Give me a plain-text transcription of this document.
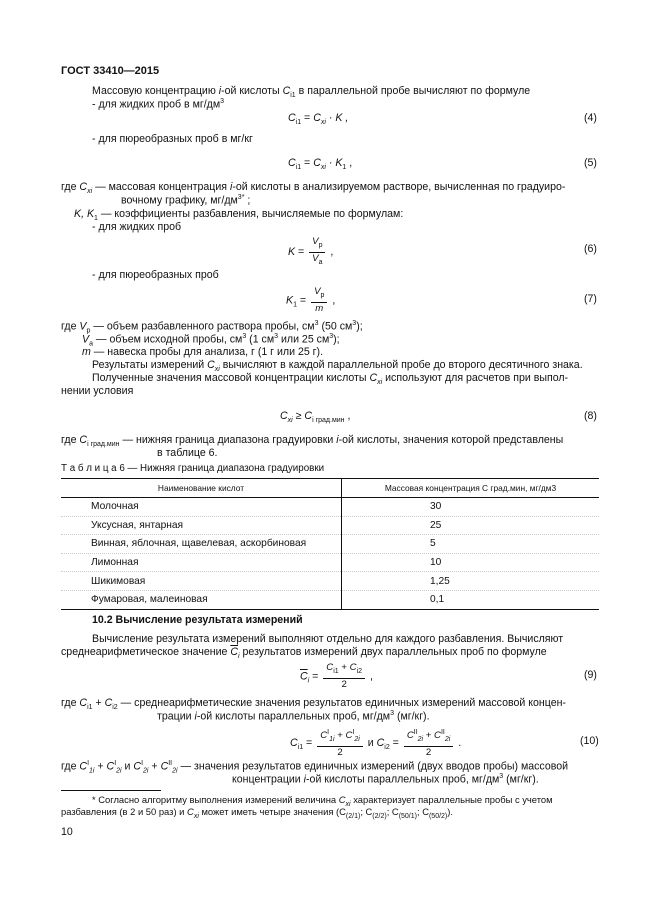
ГОСТ 33410—2015
Массовую концентрацию i-ой кислоты $C_{i1}$ в параллельной пробе вычисляют по формуле
- для жидких проб в $мг/дм^3$
$C_{i1} = C_{xi} \cdot K$ ,	(4)
- для пюреобразных проб в мг/кг
$C_{i1} = C_{xi} \cdot K_1$ ,	(5)
где $C_{xi}$ — массовая концентрация i-ой кислоты в анализируемом растворе, вычисленная по градуиро-
вочному графику, $мг/дм^{3*}$ ;
K, $K_1$ — коэффициенты разбавления, вычисляемые по формулам:
- для жидких проб
$K = \frac{V_р}{V_а}$ ,	(6)
- для пюреобразных проб
$K_1 = \frac{V_р}{m}$ ,	(7)
где $V_р$ — объем разбавленного раствора пробы, $см^3$ (50 $см^3$);
$V_а$ — объем исходной пробы, $см^3$ (1 $см^3$ или 25 $см^3$);
m — навеска пробы для анализа, г (1 г или 25 г).
Результаты измерений $C_{xi}$ вычисляют в каждой параллельной пробе до второго десятичного знака.
Полученные значения массовой концентрации кислоты $C_{xi}$ используют для расчетов при выпол-
нении условия
$C_{xi} \ge C_{i град.мин}$ ,	(8)
где $C_{i град.мин}$ — нижняя граница диапазона градуировки i-ой кислоты, значения которой представлены
в таблице 6.
Т а б л и ц а 6 — Нижняя граница диапазона градуировки
Наименование кислот	Массовая концентрация C град.мин, мг/дм3
Молочная	30
Уксусная, янтарная	25
Винная, яблочная, щавелевая, аскорбиновая	5
Лимонная	10
Шикимовая	1,25
Фумаровая, малеиновая	0,1
10.2 Вычисление результата измерений
Вычисление результата измерений выполняют отдельно для каждого разбавления. Вычисляют
среднеарифметическое значение $\overline{C}_i$ результатов измерений двух параллельных проб по формуле
$\overline{C}_i = \frac{C_{i1} + C_{i2}}{2}$ ,	(9)
где $C_{i1} + C_{i2}$ — среднеарифметические значения результатов единичных измерений массовой концен-
трации i-ой кислоты параллельных проб, $мг/дм^3$ (мг/кг).
$C_{i1} = \frac{C^I_{1i} + C^I_{2i}}{2}$ и $C_{i2} = \frac{C^{II}_{2i} + C^{II}_{2i}}{2}$ .	(10)
где $C^I_{1i} + C^I_{2i}$ и $C^I_{2i} + C^{II}_{2i}$ — значения результатов единичных измерений (двух вводов пробы) массовой
концентрации i-ой кислоты параллельных проб, $мг/дм^3$ (мг/кг).
* Согласно алгоритму выполнения измерений величина $C_{xi}$ характеризует параллельные пробы с учетом
разбавления (в 2 и 50 раз) и $C_{xi}$ может иметь четыре значения ($С_{(2/1)}$; $С_{(2/2)}$; $С_{(50/1)}$; $С_{(50/2)}$).
10
